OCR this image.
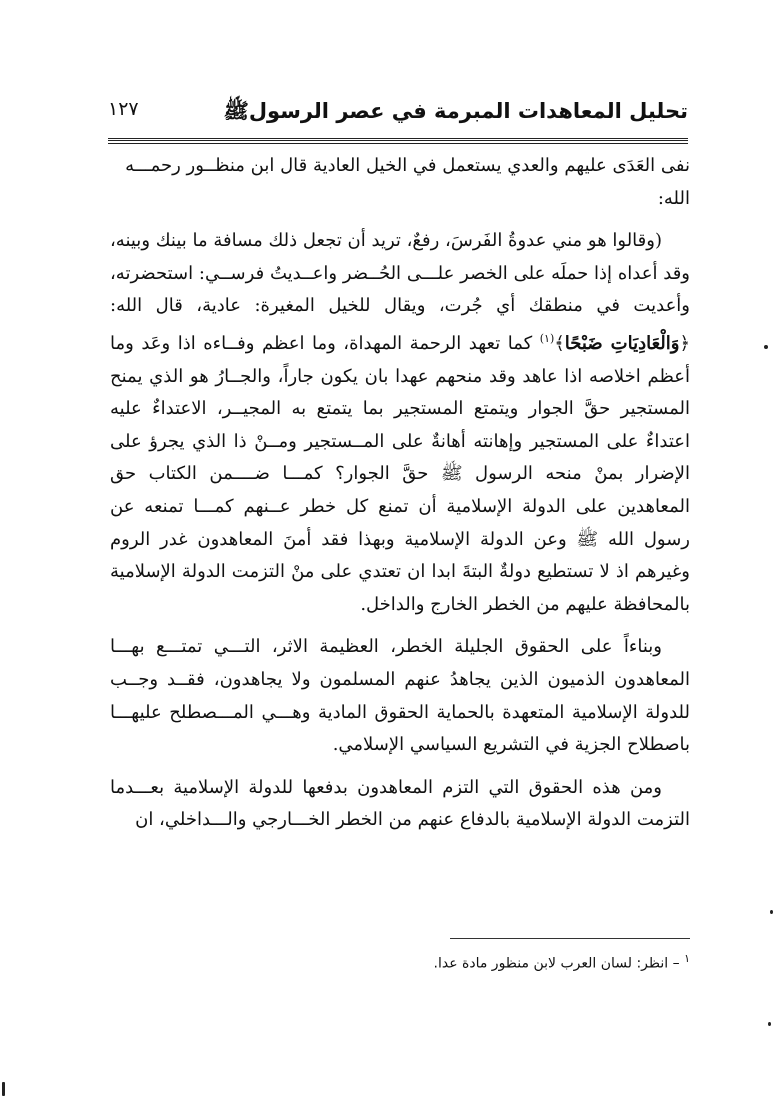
تحليل المعاهدات المبرمة في عصر الرسولﷺ
١٢٧

نفى العَدَى عليهم والعدي يستعمل في الخيل العادية قال ابن منظــور رحمـــه

الله:

(وقالوا هو مني عدوةُ الفَرسَ، رفعٌ، تريد أن تجعل ذلك مسافة ما بينك وبينه، وقد أعداه إذا حملَه على الخصر علـــى الحُــضر واعــديتُ فرســي: استحضرته، وأعديت في منطقك أي جُرت، ويقال للخيل المغيرة: عادية، قال الله: ﴿وَالْعَادِيَاتِ ضَبْحًا﴾$^{(١)}$ كما تعهد الرحمة المهداة، وما اعظم وفــاءه اذا وعَد وما أعظم اخلاصه اذا عاهد وقد منحهم عهدا بان يكون جاراً، والجــارُ هو الذي يمنح المستجير حقَّ الجوار ويتمتع المستجير بما يتمتع به المجيــر، الاعتداءٌ عليه اعتداءٌ على المستجير وإهانته أهانةٌ على المــستجير ومــنْ ذا الذي يجرؤ على الإضرار بمنْ منحه الرسول ﷺ حقَّ الجوار؟ كمـــا ضــــمن الكتاب حق المعاهدين على الدولة الإسلامية أن تمنع كل خطر عــنهم كمـــا تمنعه عن رسول الله ﷺ وعن الدولة الإسلامية وبهذا فقد أمنَ المعاهدون غدر الروم وغيرهم اذ لا تستطيع دولةٌ البتةَ ابدا ان تعتدي على منْ التزمت الدولة الإسلامية بالمحافظة عليهم من الخطر الخارج والداخل.

وبناءاً على الحقوق الجليلة الخطر، العظيمة الاثر، التـــي تمتـــع بهـــا المعاهدون الذميون الذين يجاهدُ عنهم المسلمون ولا يجاهدون، فقــد وجــب للدولة الإسلامية المتعهدة بالحماية الحقوق المادية وهـــي المـــصطلح عليهـــا باصطلاح الجزية في التشريع السياسي الإسلامي.

ومن هذه الحقوق التي التزم المعاهدون بدفعها للدولة الإسلامية بعـــدما التزمت الدولة الإسلامية بالدفاع عنهم من الخطر الخـــارجي والـــداخلي، ان

$^١$ – انظر: لسان العرب لابن منظور مادة عدا.
